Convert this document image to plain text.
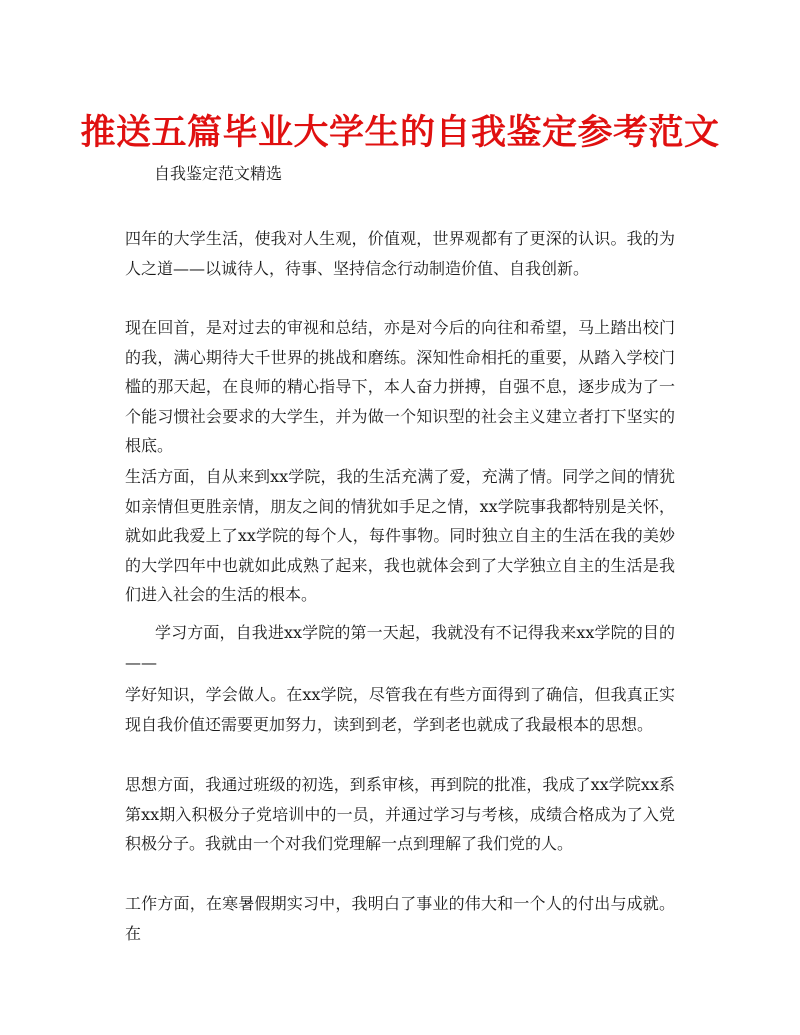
推送五篇毕业大学生的自我鉴定参考范文
自我鉴定范文精选

四年的大学生活，使我对人生观，价值观，世界观都有了更深的认识。我的为人之道——以诚待人，待事、坚持信念行动制造价值、自我创新。

现在回首，是对过去的审视和总结，亦是对今后的向往和希望，马上踏出校门的我，满心期待大千世界的挑战和磨练。深知性命相托的重要，从踏入学校门槛的那天起，在良师的精心指导下，本人奋力拼搏，自强不息，逐步成为了一个能习惯社会要求的大学生，并为做一个知识型的社会主义建立者打下坚实的根底。

生活方面，自从来到xx学院，我的生活充满了爱，充满了情。同学之间的情犹如亲情但更胜亲情，朋友之间的情犹如手足之情，xx学院事我都特别是关怀，就如此我爱上了xx学院的每个人，每件事物。同时独立自主的生活在我的美妙的大学四年中也就如此成熟了起来，我也就体会到了大学独立自主的生活是我们进入社会的生活的根本。

学习方面，自我进xx学院的第一天起，我就没有不记得我来xx学院的目的——

学好知识，学会做人。在xx学院，尽管我在有些方面得到了确信，但我真正实现自我价值还需要更加努力，读到到老，学到老也就成了我最根本的思想。

思想方面，我通过班级的初选，到系审核，再到院的批准，我成了xx学院xx系第xx期入积极分子党培训中的一员，并通过学习与考核，成绩合格成为了入党积极分子。我就由一个对我们党理解一点到理解了我们党的人。

工作方面，在寒暑假期实习中，我明白了事业的伟大和一个人的付出与成就。在
